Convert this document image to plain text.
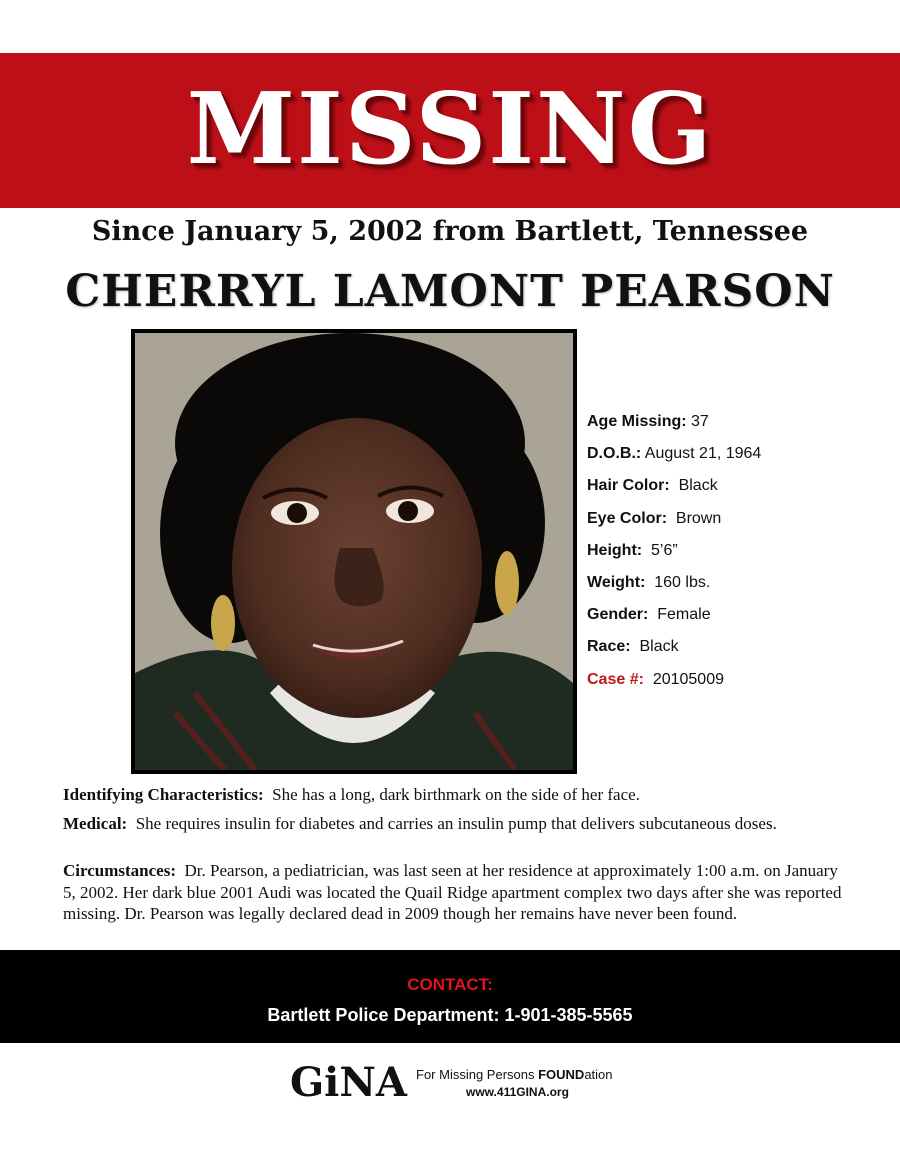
MISSING
Since January 5, 2002 from Bartlett, Tennessee
CHERRYL LAMONT PEARSON
Age Missing: 37
D.O.B.: August 21, 1964
Hair Color: Black
Eye Color: Brown
Height: 5’6”
Weight: 160 lbs.
Gender: Female
Race: Black
Case #: 20105009
Identifying Characteristics: She has a long, dark birthmark on the side of her face.
Medical: She requires insulin for diabetes and carries an insulin pump that delivers subcutaneous doses.
Circumstances: Dr. Pearson, a pediatrician, was last seen at her residence at approximately 1:00 a.m. on January 5, 2002. Her dark blue 2001 Audi was located the Quail Ridge apartment complex two days after she was reported missing. Dr. Pearson was legally declared dead in 2009 though her remains have never been found.
CONTACT:
Bartlett Police Department: 1-901-385-5565
GiNA For Missing Persons FOUNDation
www.411GINA.org
